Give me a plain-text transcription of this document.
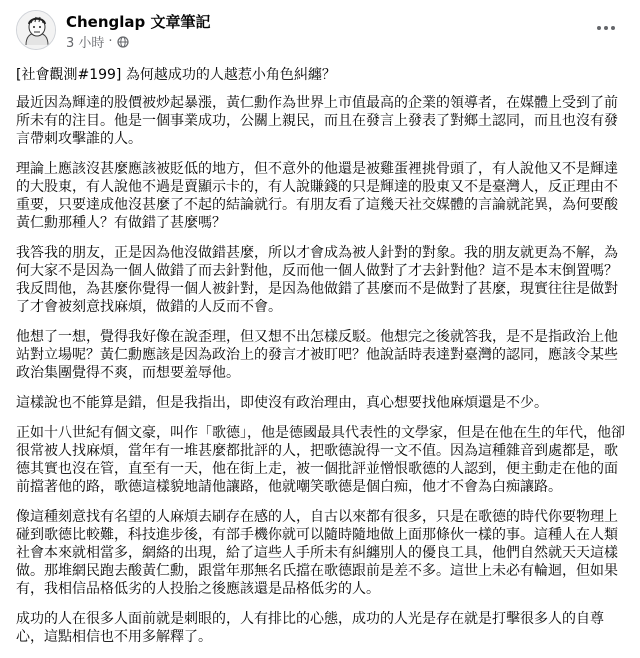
Chenglap 文章筆記
3 小時 ·

[社會觀測#199] 為何越成功的人越惹小角色糾纏？

最近因為輝達的股價被炒起暴漲，黃仁勳作為世界上市值最高的企業的領導者，在媒體上受到了前所未有的注目。他是一個事業成功，公關上親民，而且在發言上發表了對鄉土認同，而且也沒有發言帶刺攻擊誰的人。

理論上應該沒甚麼應該被貶低的地方，但不意外的他還是被雞蛋裡挑骨頭了，有人說他又不是輝達的大股東，有人說他不過是賣顯示卡的，有人說賺錢的只是輝達的股東又不是臺灣人，反正理由不重要，只要達成他沒甚麼了不起的結論就行。有朋友看了這幾天社交媒體的言論就詫異，為何要酸黃仁勳那種人？有做錯了甚麼嗎？

我答我的朋友，正是因為他沒做錯甚麼，所以才會成為被人針對的對象。我的朋友就更為不解，為何大家不是因為一個人做錯了而去針對他，反而他一個人做對了才去針對他？這不是本末倒置嗎？我反問他，為甚麼你覺得一個人被針對，是因為他做錯了甚麼而不是做對了甚麼，現實往往是做對了才會被刻意找麻煩，做錯的人反而不會。

他想了一想，覺得我好像在說歪理，但又想不出怎樣反駁。他想完之後就答我，是不是指政治上他站對立場呢？黃仁勳應該是因為政治上的發言才被盯吧？他說話時表達對臺灣的認同，應該令某些政治集團覺得不爽，而想要羞辱他。

這樣說也不能算是錯，但是我指出，即使沒有政治理由，真心想要找他麻煩還是不少。

正如十八世紀有個文豪，叫作「歌德」，他是德國最具代表性的文學家，但是在他在生的年代，他卻很常被人找麻煩，當年有一堆甚麼都批評的人，把歌德說得一文不值。因為這種雜音到處都是，歌德其實也沒在管，直至有一天，他在街上走，被一個批評並憎恨歌德的人認到，便主動走在他的面前擋著他的路，歌德這樣貌地請他讓路，他就嘲笑歌德是個白痴，他才不會為白痴讓路。

像這種刻意找有名望的人麻煩去刷存在感的人，自古以來都有很多，只是在歌德的時代你要物理上碰到歌德比較難，科技進步後，有部手機你就可以隨時隨地做上面那條伙一樣的事。這種人在人類社會本來就相當多，網絡的出現，給了這些人手所未有糾纏別人的優良工具，他們自然就天天這樣做。那堆網民跑去酸黃仁勳，跟當年那無名氏擋在歌德跟前是差不多。這世上未必有輪迴，但如果有，我相信品格低劣的人投胎之後應該還是品格低劣的人。

成功的人在很多人面前就是刺眼的，人有排比的心態，成功的人光是存在就是打擊很多人的自尊心，這點相信也不用多解釋了。
